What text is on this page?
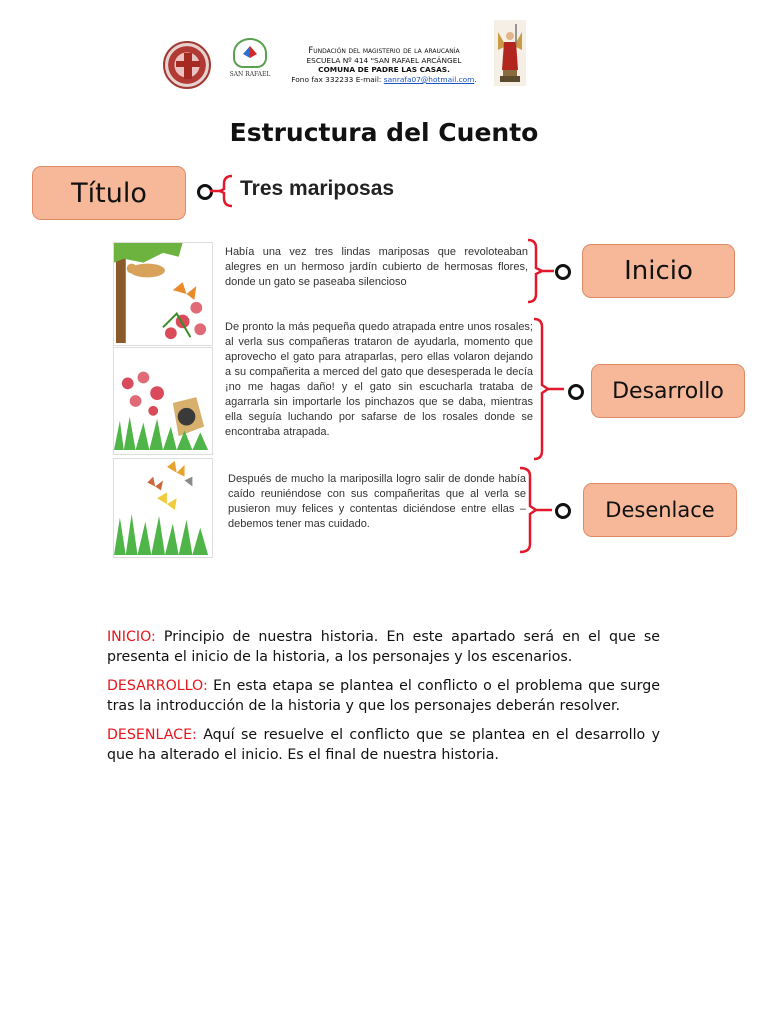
SAN RAFAEL
Fundación del magisterio de la araucanía
ESCUELA Nº 414 "SAN RAFAEL ARCÁNGEL
COMUNA DE PADRE LAS CASAS.
Fono fax 332233 E-mail: sanrafa07@hotmail.com.
Estructura del Cuento
Título	Tres mariposas
Había una vez tres lindas mariposas que revoloteaban alegres en un hermoso jardín cubierto de hermosas flores, donde un gato se paseaba silencioso
De pronto la más pequeña quedo atrapada entre unos rosales; al verla sus compañeras trataron de ayudarla, momento que aprovecho el gato para atraparlas, pero ellas volaron dejando a su compañerita a merced del gato que desesperada le decía ¡no me hagas daño! y el gato sin escucharla trataba de agarrarla sin importarle los pinchazos que se daba, mientras ella seguía luchando por safarse de los rosales donde se encontraba atrapada.
Después de mucho la mariposilla logro salir de donde había caído reuniéndose con sus compañeritas que al verla se pusieron muy felices y contentas diciéndose entre ellas – debemos tener mas cuidado.
Inicio
Desarrollo
Desenlace

INICIO: Principio de nuestra historia. En este apartado será en el que se presenta el inicio de la historia, a los personajes y los escenarios.

DESARROLLO: En esta etapa se plantea el conflicto o el problema que surge tras la introducción de la historia y que los personajes deberán resolver.

DESENLACE: Aquí se resuelve el conflicto que se plantea en el desarrollo y que ha alterado el inicio. Es el final de nuestra historia.
